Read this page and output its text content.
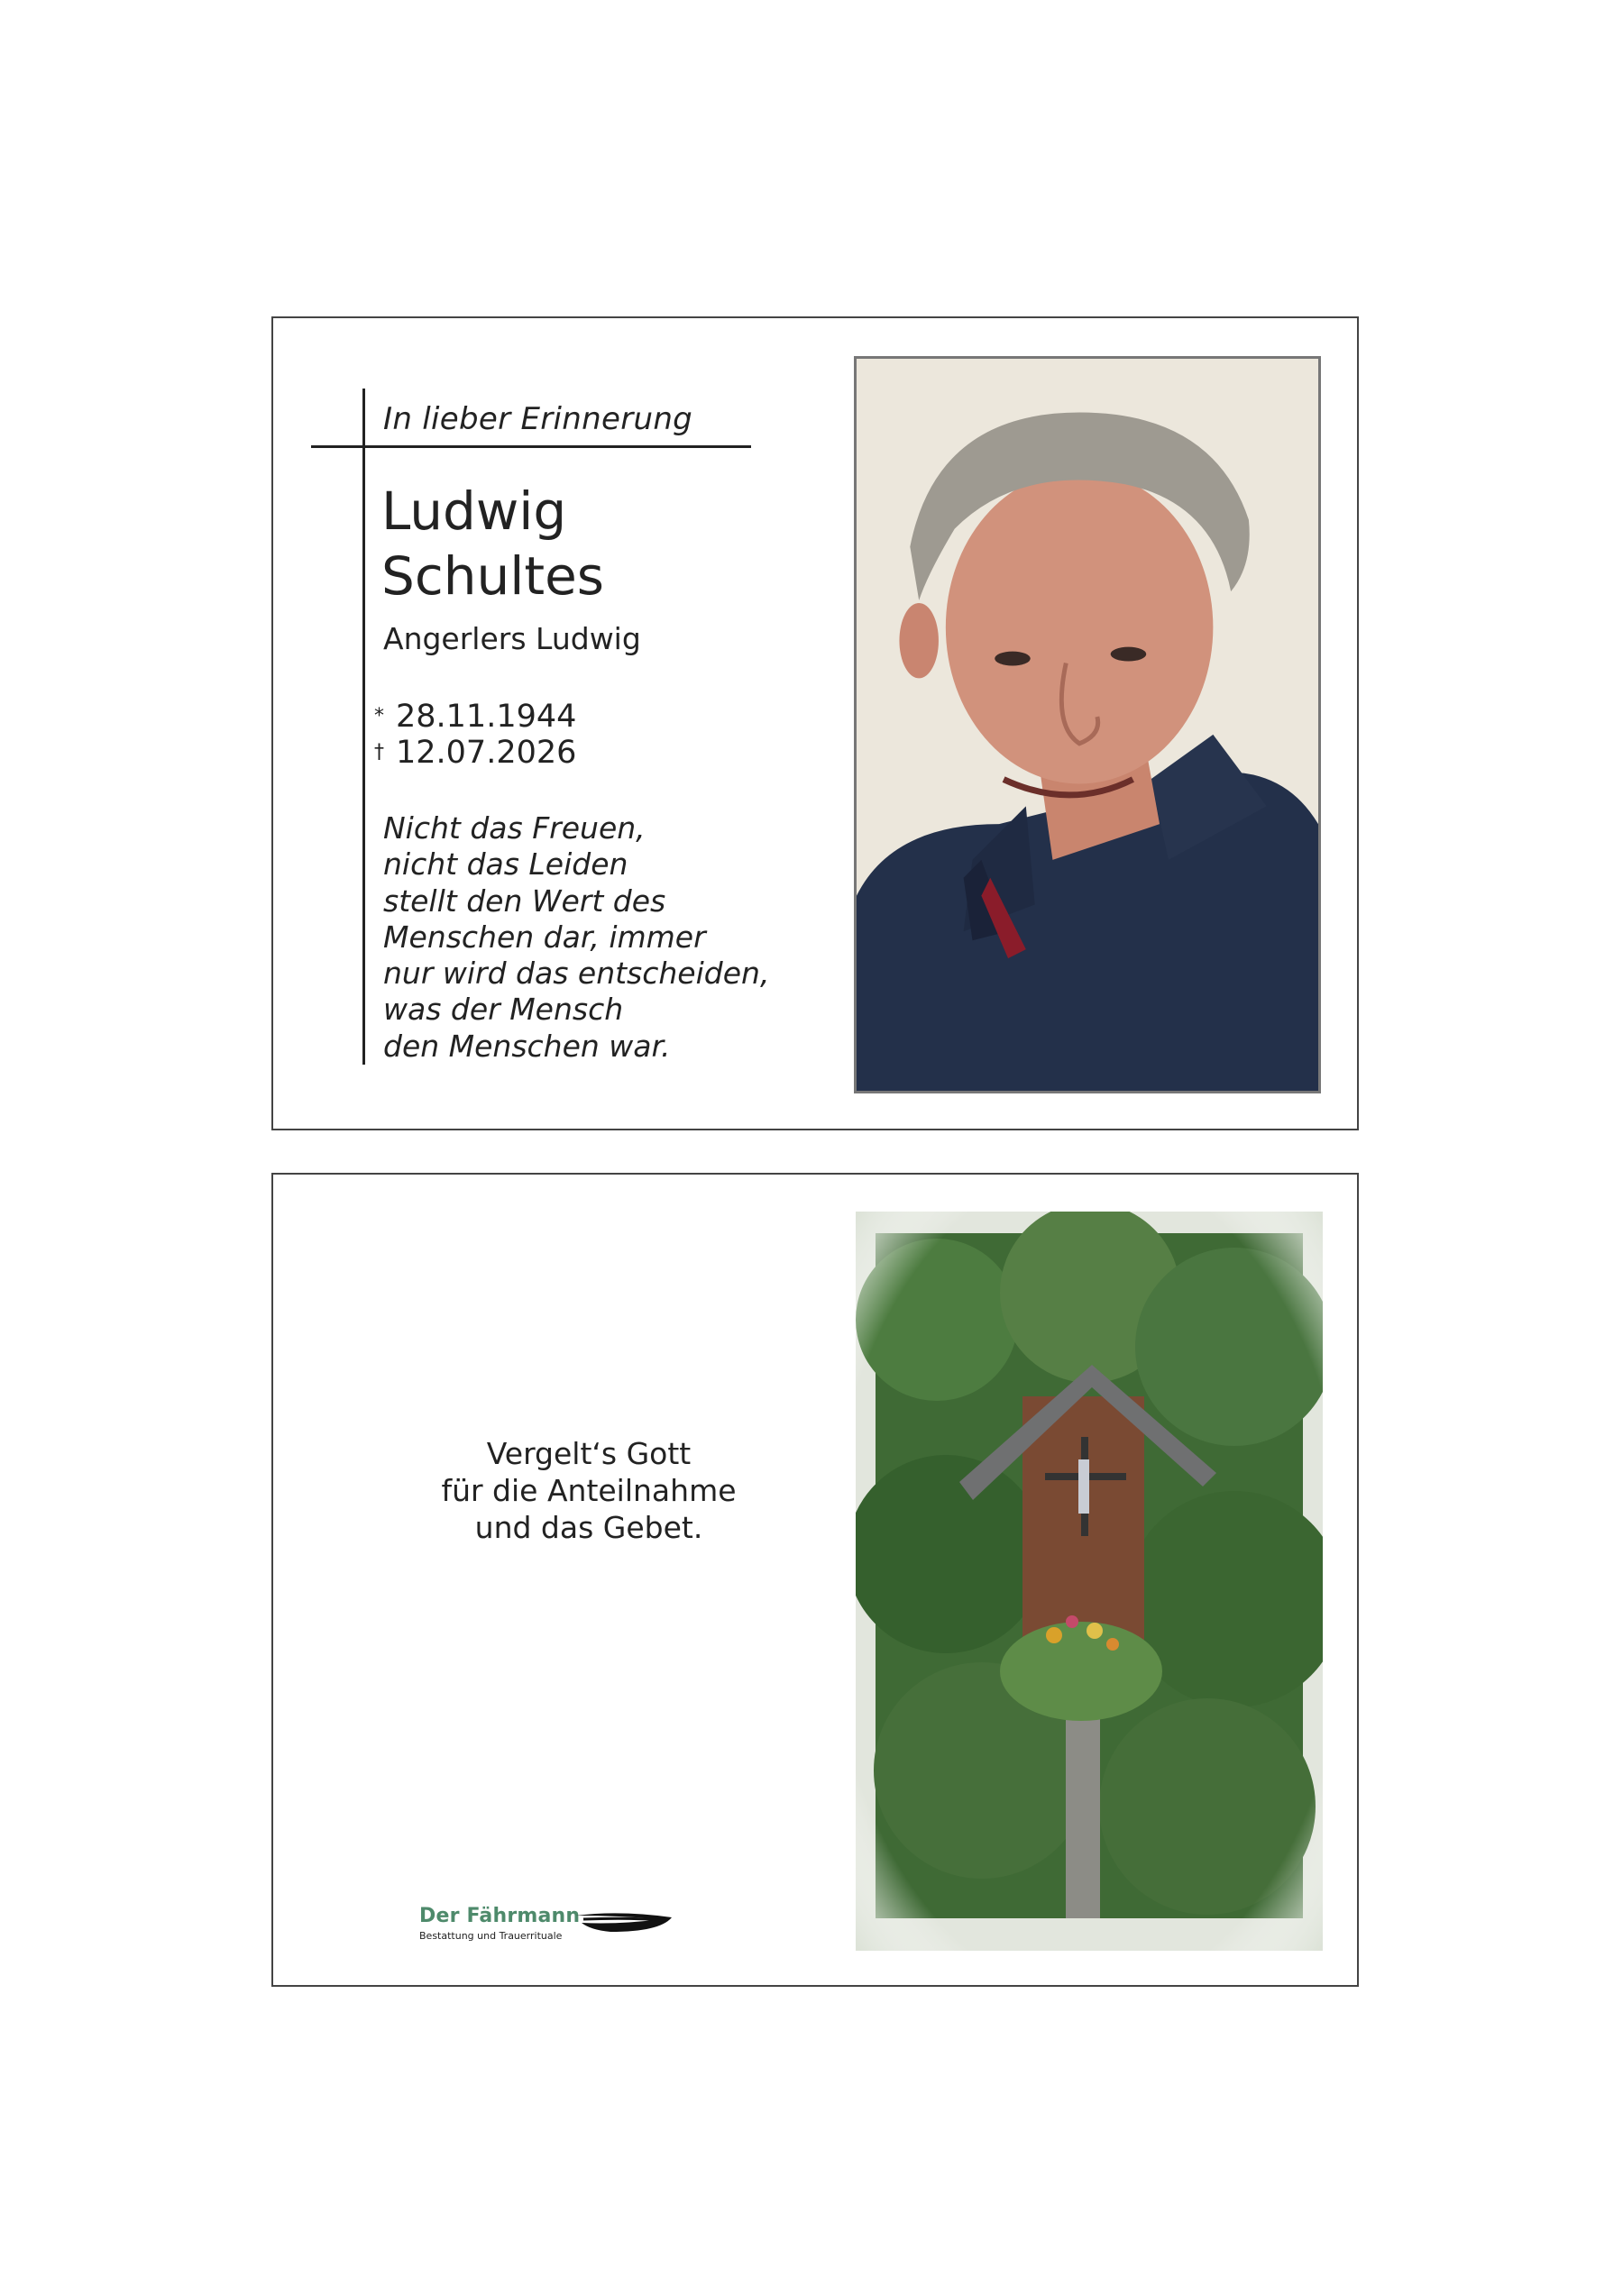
In lieber Erinnerung
Ludwig
Schultes
Angerlers Ludwig
* 28.11.1944
† 12.07.2026
Nicht das Freuen,
nicht das Leiden
stellt den Wert des
Menschen dar, immer
nur wird das entscheiden,
was der Mensch
den Menschen war.
Vergelt‘s Gott
für die Anteilnahme
und das Gebet.
Der Fährmann
Bestattung und Trauerrituale
